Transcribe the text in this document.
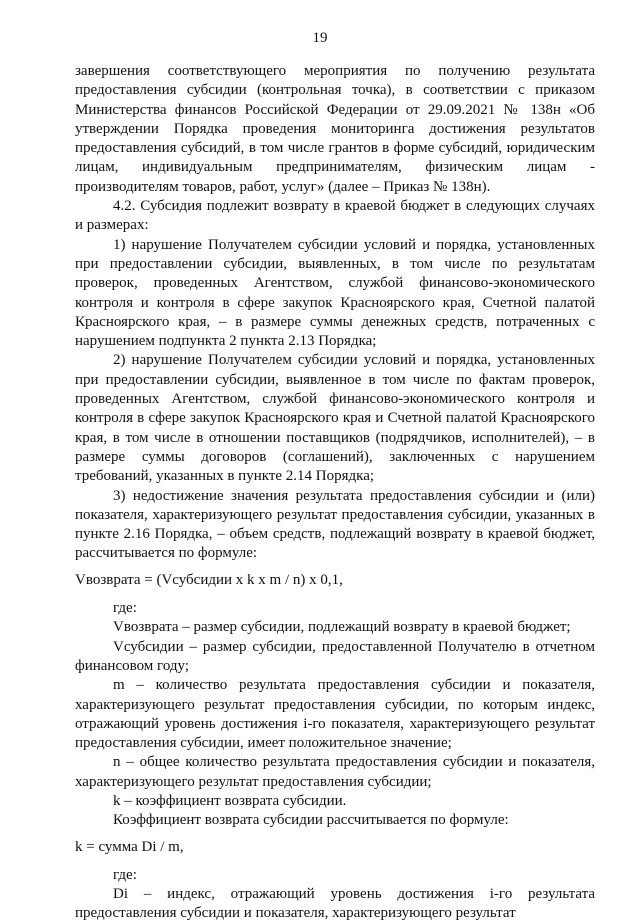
19

завершения соответствующего мероприятия по получению результата предоставления субсидии (контрольная точка), в соответствии с приказом Министерства финансов Российской Федерации от 29.09.2021 № 138н «Об утверждении Порядка проведения мониторинга достижения результатов предоставления субсидий, в том числе грантов в форме субсидий, юридическим лицам, индивидуальным предпринимателям, физическим лицам - производителям товаров, работ, услуг» (далее – Приказ № 138н).

4.2. Субсидия подлежит возврату в краевой бюджет в следующих случаях и размерах:

1) нарушение Получателем субсидии условий и порядка, установленных при предоставлении субсидии, выявленных, в том числе по результатам проверок, проведенных Агентством, службой финансово-экономического контроля и контроля в сфере закупок Красноярского края, Счетной палатой Красноярского края, – в размере суммы денежных средств, потраченных с нарушением подпункта 2 пункта 2.13 Порядка;

2) нарушение Получателем субсидии условий и порядка, установленных при предоставлении субсидии, выявленное в том числе по фактам проверок, проведенных Агентством, службой финансово-экономического контроля и контроля в сфере закупок Красноярского края и Счетной палатой Красноярского края, в том числе в отношении поставщиков (подрядчиков, исполнителей), – в размере суммы договоров (соглашений), заключенных с нарушением требований, указанных в пункте 2.14 Порядка;

3) недостижение значения результата предоставления субсидии и (или) показателя, характеризующего результат предоставления субсидии, указанных в пункте 2.16 Порядка, – объем средств, подлежащий возврату в краевой бюджет, рассчитывается по формуле:

Vвозврата = (Vсубсидии x k x m / n) x 0,1,

где:

Vвозврата – размер субсидии, подлежащий возврату в краевой бюджет;

Vсубсидии – размер субсидии, предоставленной Получателю в отчетном финансовом году;

m – количество результата предоставления субсидии и показателя, характеризующего результат предоставления субсидии, по которым индекс, отражающий уровень достижения i-го показателя, характеризующего результат предоставления субсидии, имеет положительное значение;

n – общее количество результата предоставления субсидии и показателя, характеризующего результат предоставления субсидии;

k – коэффициент возврата субсидии.

Коэффициент возврата субсидии рассчитывается по формуле:

k = сумма Di / m,

где:

Di – индекс, отражающий уровень достижения i-го результата предоставления субсидии и показателя, характеризующего результат
